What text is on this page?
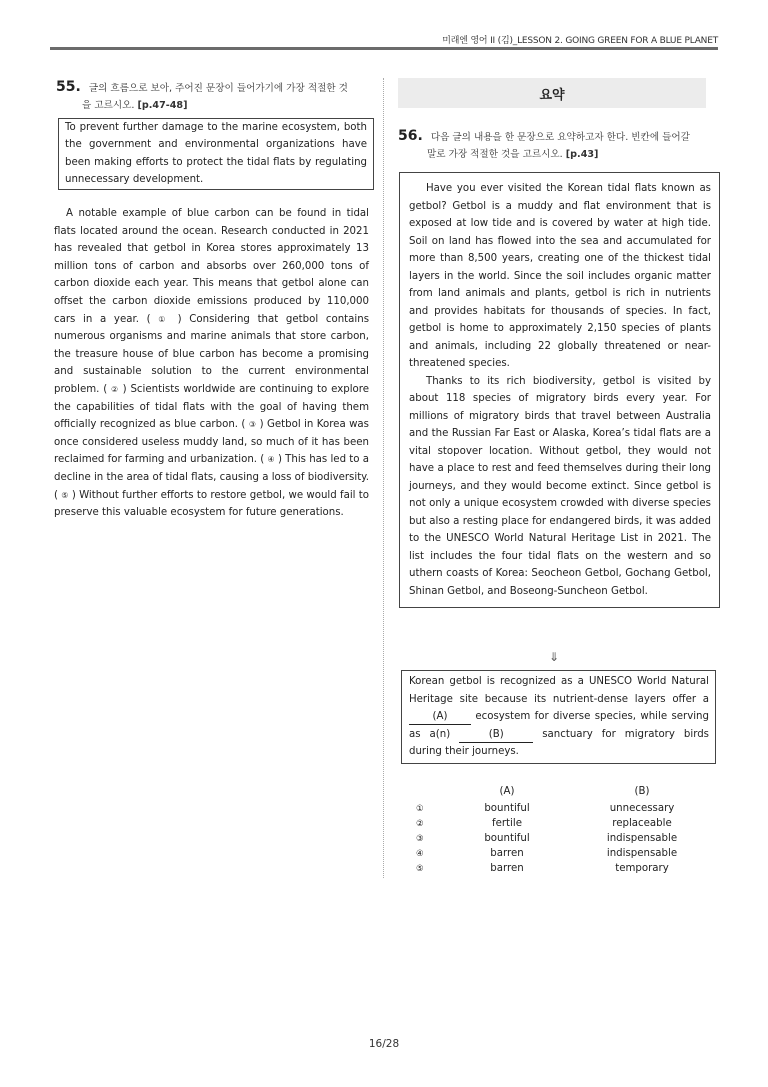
미래엔 영어 II (김)_LESSON 2. GOING GREEN FOR A BLUE PLANET
55. 글의 흐름으로 보아, 주어진 문장이 들어가기에 가장 적절한 것
을 고르시오. [p.47-48]
To prevent further damage to the marine ecosystem, both the government and environmental organizations have been making efforts to protect the tidal flats by regulating unnecessary development.
A notable example of blue carbon can be found in tidal flats located around the ocean. Research conducted in 2021 has revealed that getbol in Korea stores approximately 13 million tons of carbon and absorbs over 260,000 tons of carbon dioxide each year. This means that getbol alone can offset the carbon dioxide emissions produced by 110,000 cars in a year. ( ① ) Considering that getbol contains numerous organisms and marine animals that store carbon, the treasure house of blue carbon has become a promising and sustainable solution to the current environmental problem. ( ② ) Scientists worldwide are continuing to explore the capabilities of tidal flats with the goal of having them officially recognized as blue carbon. ( ③ ) Getbol in Korea was once considered useless muddy land, so much of it has been reclaimed for farming and urbanization. ( ④ ) This has led to a decline in the area of tidal flats, causing a loss of biodiversity. ( ⑤ ) Without further efforts to restore getbol, we would fail to preserve this valuable ecosystem for future generations.
요약
56. 다음 글의 내용을 한 문장으로 요약하고자 한다. 빈칸에 들어갈
말로 가장 적절한 것을 고르시오. [p.43]

Have you ever visited the Korean tidal flats known as getbol? Getbol is a muddy and flat environment that is exposed at low tide and is covered by water at high tide. Soil on land has flowed into the sea and accumulated for more than 8,500 years, creating one of the thickest tidal layers in the world. Since the soil includes organic matter from land animals and plants, getbol is rich in nutrients and provides habitats for thousands of species. In fact, getbol is home to approximately 2,150 species of plants and animals, including 22 globally threatened or near-threatened species.

Thanks to its rich biodiversity, getbol is visited by about 118 species of migratory birds every year. For millions of migratory birds that travel between Australia and the Russian Far East or Alaska, Korea’s tidal flats are a vital stopover location. Without getbol, they would not have a place to rest and feed themselves during their long journeys, and they would become extinct. Since getbol is not only a unique ecosystem crowded with diverse species but also a resting place for endangered birds, it was added to the UNESCO World Natural Heritage List in 2021. The list includes the four tidal flats on the western and so uthern coasts of Korea: Seocheon Getbol, Gochang Getbol, Shinan Getbol, and Boseong-Suncheon Getbol.

⇓
Korean getbol is recognized as a UNESCO World Natural Heritage site because its nutrient-dense layers offer a (A)	ecosystem for diverse species, while serving as a(n)	(B)	sanctuary for migratory birds during their journeys.
(A)	(B)
①	bountiful	unnecessary
②	fertile	replaceable
③	bountiful	indispensable
④	barren	indispensable
⑤	barren	temporary
16/28
